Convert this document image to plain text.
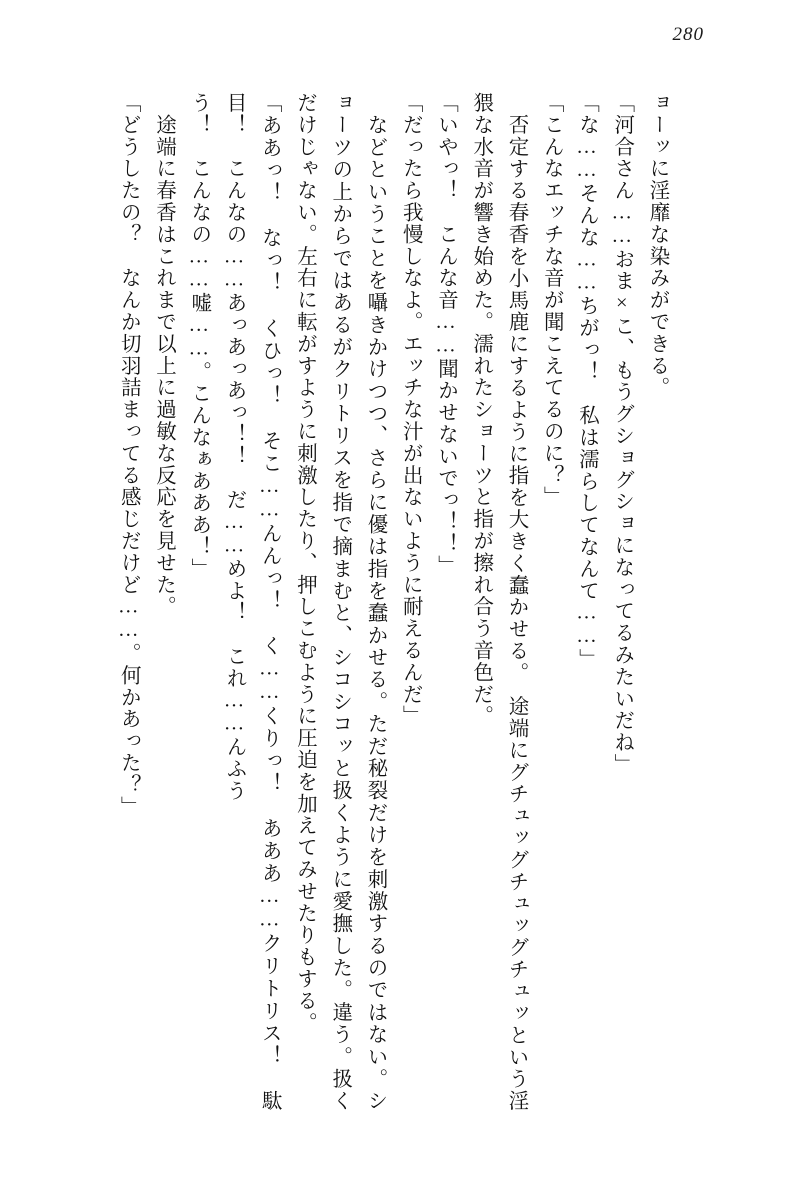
280

ョーッに淫靡な染みができる。

「河合さん……おま×こ、もうグショグショになってるみたいだね」

「な……そんな……ちがっ！　私は濡らしてなんて……」

「こんなエッチな音が聞こえてるのに？」

　否定する春香を小馬鹿にするように指を大きく蠢かせる。　途端にグチュッグチュッグチュッという淫猥な水音が響き始めた。濡れたショーツと指が擦れ合う音色だ。

「いやっ！　こんな音……聞かせないでっ！！」

「だったら我慢しなよ。エッチな汁が出ないように耐えるんだ」

　などということを囁きかけつつ、さらに優は指を蠢かせる。ただ秘裂だけを刺激するのではない。ショーツの上からではあるがクリトリスを指で摘まむと、シコシコッと扱くように愛撫した。違う。扱くだけじゃない。左右に転がすように刺激したり、押しこむように圧迫を加えてみせたりもする。

「ああっ！　なっ！　くひっ！　そこ……んんっ！　く……くりっ！　あああ……クリトリス！　駄目！　こんなの……あっあっあっ！！　だ……めよ！　これ……んふう

う！　こんなの……嘘……。こんなぁあああ！」

　途端に春香はこれまで以上に過敏な反応を見せた。

「どうしたの？　なんか切羽詰まってる感じだけど……。何かあった？」
